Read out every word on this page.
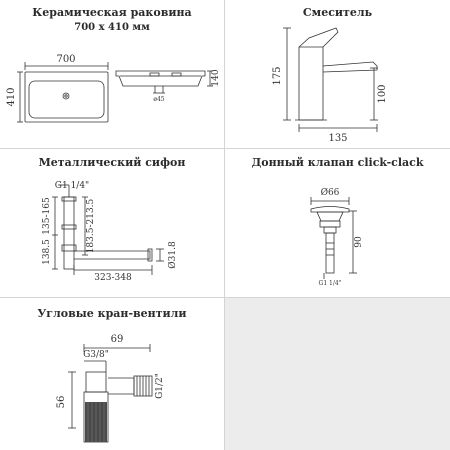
Керамическая раковина
700 х 410 мм
700
410
140
ø45
Смеситель
175
100
135
Металлический сифон
G1 1/4"
135-165
138.5	183.5-213.5
323-348
Ø31.8
Донный клапан click-clack
Ø66
90
G1 1/4"
Угловые кран-вентили
69
G3/8"
56
G1/2"
